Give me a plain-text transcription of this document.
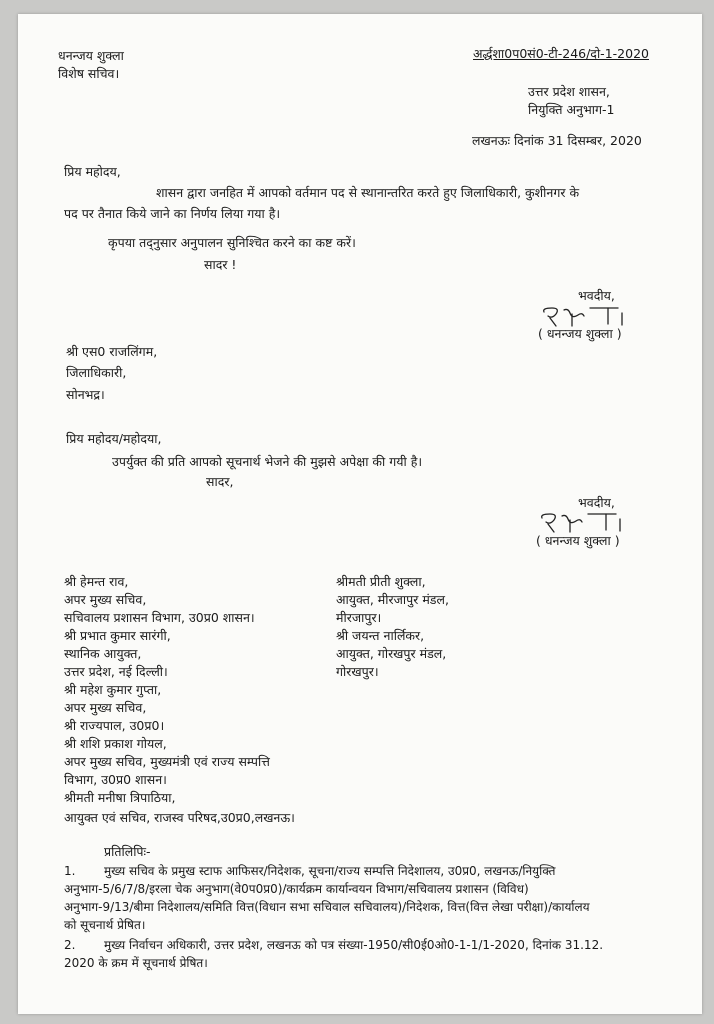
धनन्जय शुक्ला

विशेष सचिव।

अर्द्धशा0प0सं0-टी-246/दो-1-2020

उत्तर प्रदेश शासन,

नियुक्ति अनुभाग-1

लखनऊः दिनांक 31 दिसम्बर, 2020

प्रिय महोदय,

शासन द्वारा जनहित में आपको वर्तमान पद से स्थानान्तरित करते हुए जिलाधिकारी, कुशीनगर के

पद पर तैनात किये जाने का निर्णय लिया गया है।

कृपया तद्नुसार अनुपालन सुनिश्चित करने का कष्ट करें।

सादर !

भवदीय,

( धनन्जय शुक्ला )

श्री एस0 राजलिंगम,

जिलाधिकारी,

सोनभद्र।

प्रिय महोदय/महोदया,

उपर्युक्त की प्रति आपको सूचनार्थ भेजने की मुझसे अपेक्षा की गयी है।

सादर,

भवदीय,

( धनन्जय शुक्ला )

श्री हेमन्त राव,

अपर मुख्य सचिव,

सचिवालय प्रशासन विभाग, उ0प्र0 शासन।

श्री प्रभात कुमार सारंगी,

स्थानिक आयुक्त,

उत्तर प्रदेश, नई दिल्ली।

श्री महेश कुमार गुप्ता,

अपर मुख्य सचिव,

श्री राज्यपाल, उ0प्र0।

श्री शशि प्रकाश गोयल,

अपर मुख्य सचिव, मुख्यमंत्री एवं राज्य सम्पत्ति

विभाग, उ0प्र0 शासन।

श्रीमती मनीषा त्रिपाठिया,

आयुक्त एवं सचिव, राजस्व परिषद,उ0प्र0,लखनऊ।

श्रीमती प्रीती शुक्ला,

आयुक्त, मीरजापुर मंडल,

मीरजापुर।

श्री जयन्त नार्लिकर,

आयुक्त, गोरखपुर मंडल,

गोरखपुर।

प्रतिलिपिः-

1. मुख्य सचिव के प्रमुख स्टाफ आफिसर/निदेशक, सूचना/राज्य सम्पत्ति निदेशालय, उ0प्र0, लखनऊ/नियुक्ति

अनुभाग-5/6/7/8/इरला चेक अनुभाग(वे0प0प्र0)/कार्यक्रम कार्यान्वयन विभाग/सचिवालय प्रशासन (विविध)

अनुभाग-9/13/बीमा निदेशालय/समिति वित्त(विधान सभा सचिवाल सचिवालय)/निदेशक, वित्त(वित्त लेखा परीक्षा)/कार्यालय

को सूचनार्थ प्रेषित।

2. मुख्य निर्वाचन अधिकारी, उत्तर प्रदेश, लखनऊ को पत्र संख्या-1950/सी0ई0ओ0-1-1/1-2020, दिनांक 31.12.

2020 के क्रम में सूचनार्थ प्रेषित।
